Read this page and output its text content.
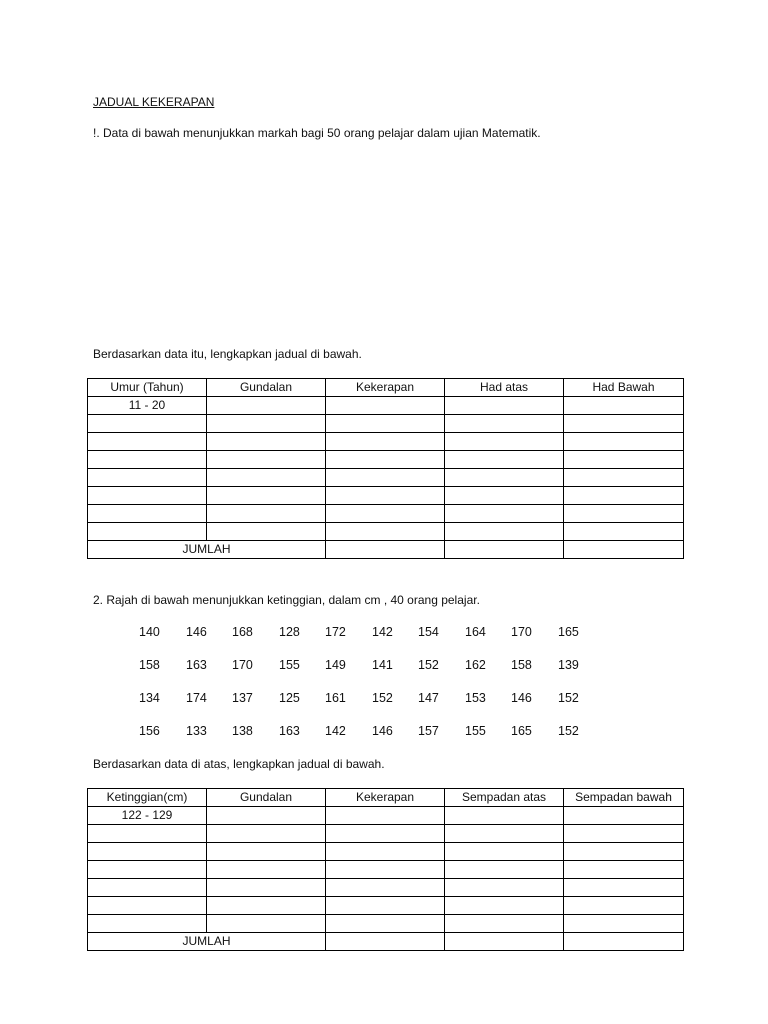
JADUAL KEKERAPAN
!. Data di bawah menunjukkan markah bagi 50 orang pelajar dalam ujian Matematik.
Berdasarkan data itu, lengkapkan jadual di bawah.
Umur (Tahun)	Gundalan	Kekerapan	Had atas	Had Bawah
11 - 20				

JUMLAH				
2. Rajah di bawah menunjukkan ketinggian, dalam cm , 40 orang pelajar.
140	146	168	128	172	142	154	164	170	165
158	163	170	155	149	141	152	162	158	139
134	174	137	125	161	152	147	153	146	152
156	133	138	163	142	146	157	155	165	152
Berdasarkan data di atas, lengkapkan jadual di bawah.
Ketinggian(cm)	Gundalan	Kekerapan	Sempadan atas	Sempadan bawah
122 - 129				

JUMLAH				
